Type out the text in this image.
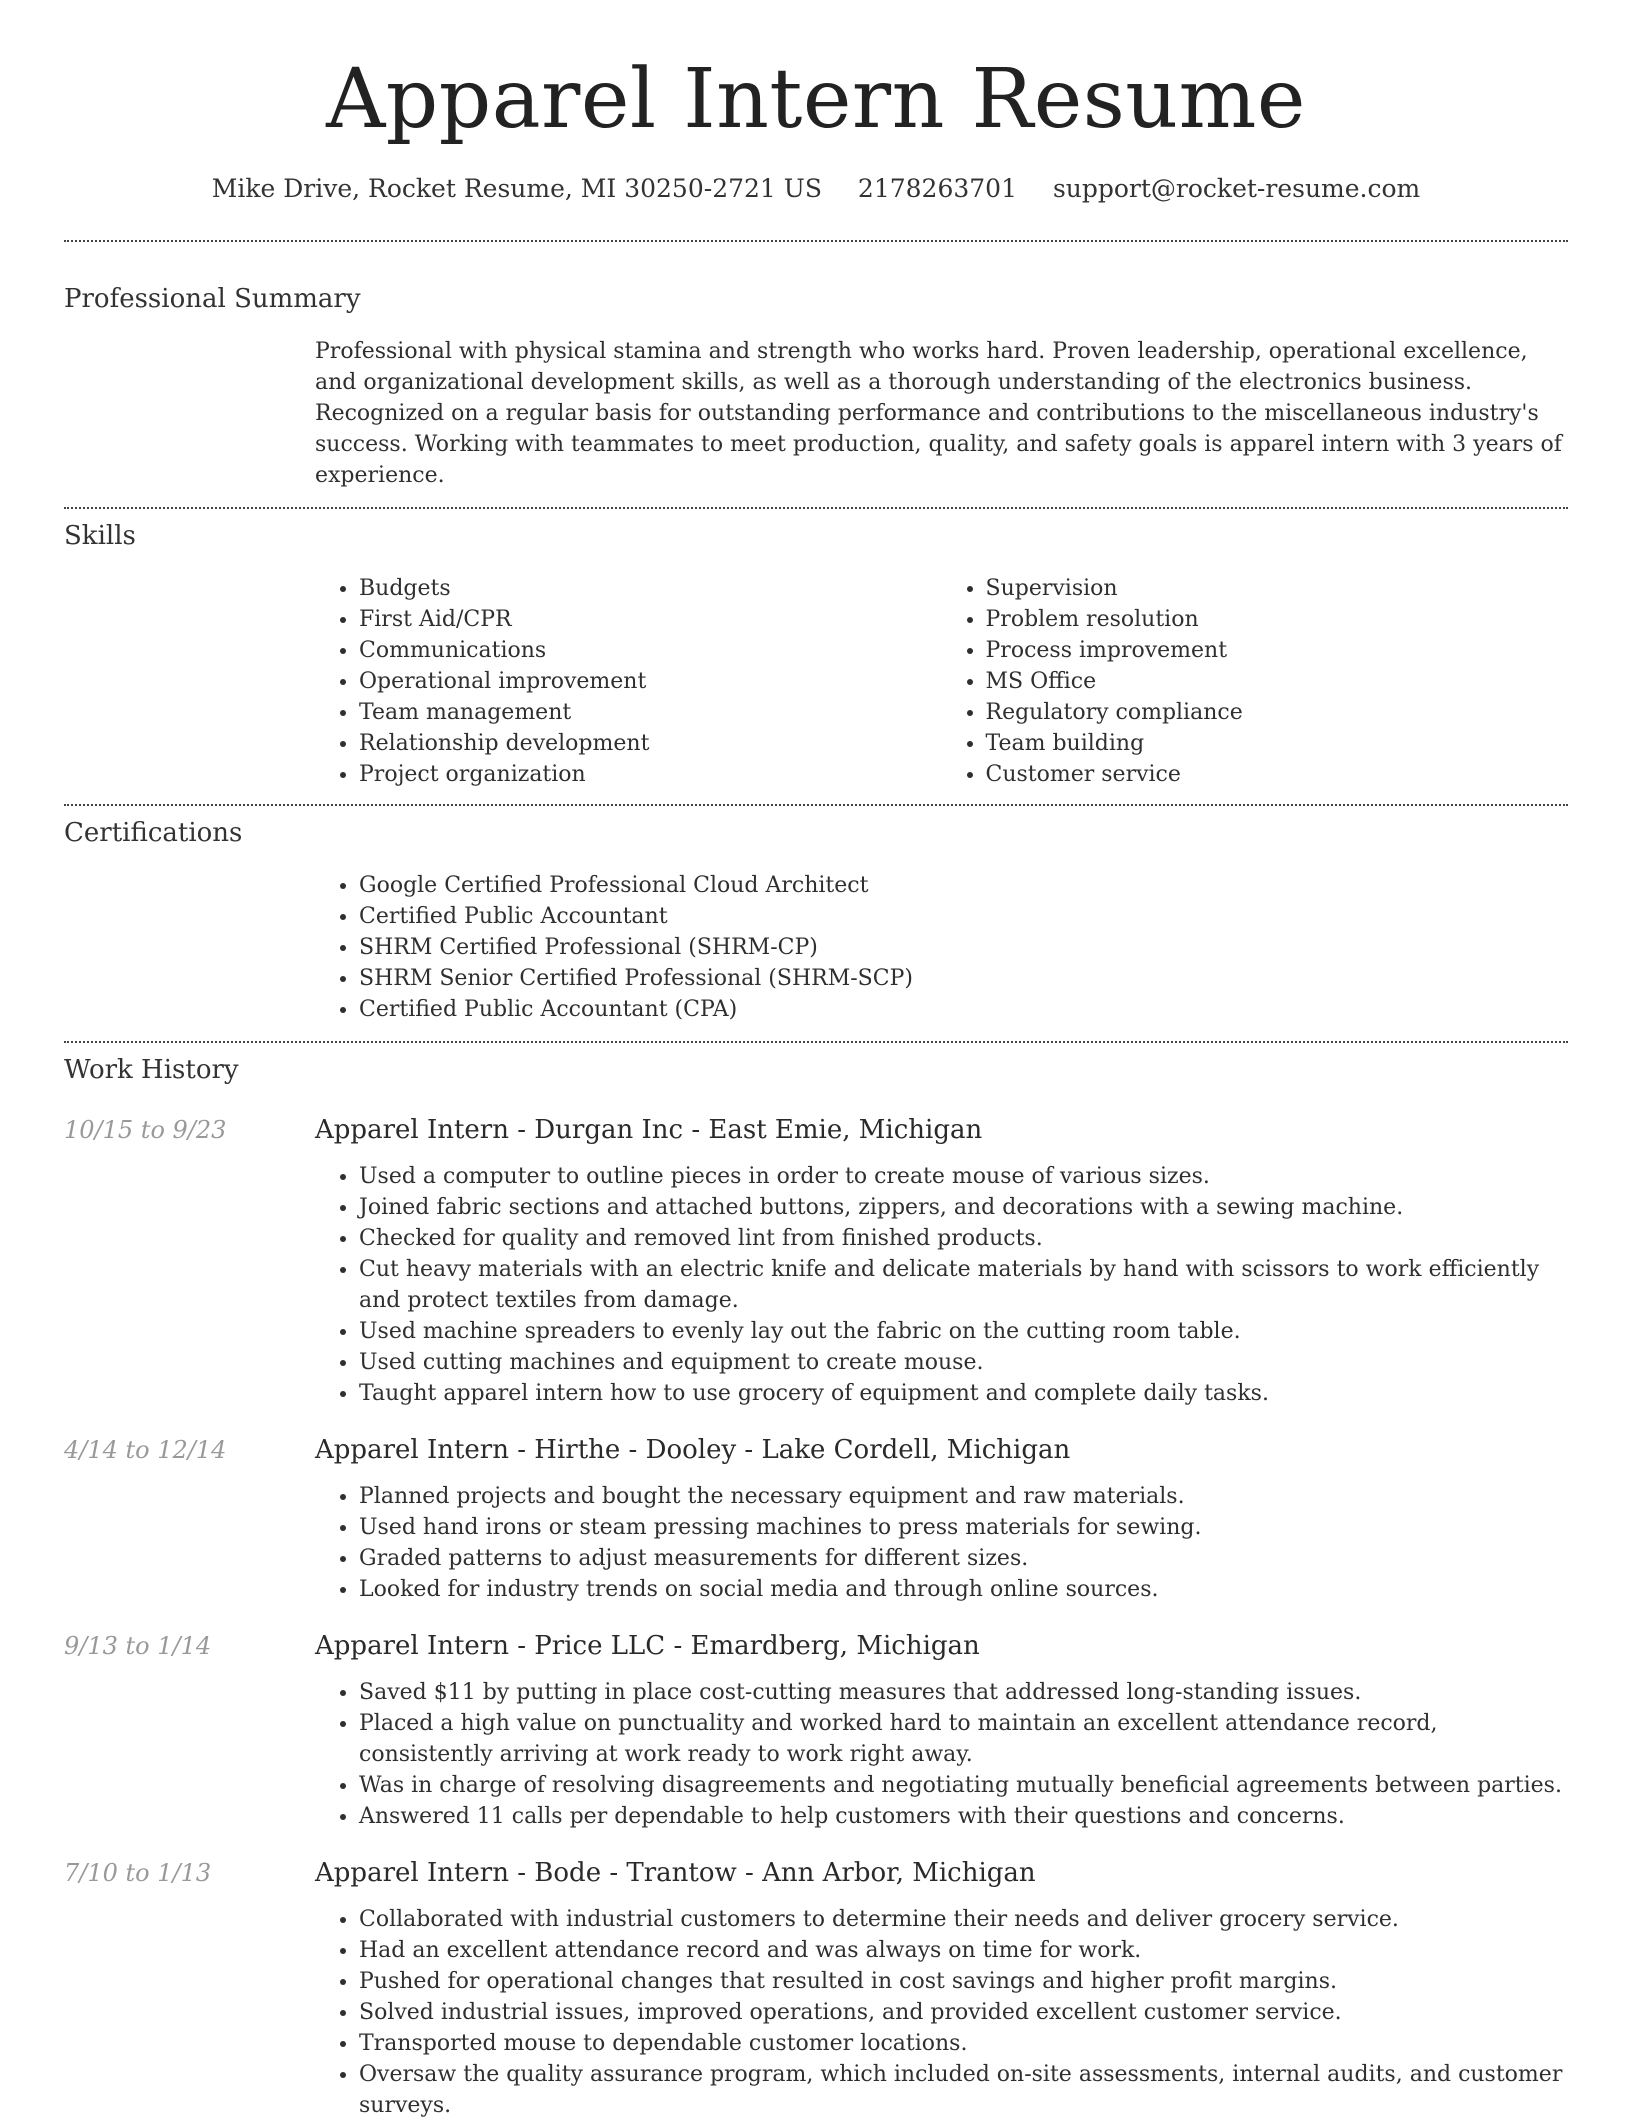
Apparel Intern Resume
Mike Drive, Rocket Resume, MI 30250-2721 US 2178263701 support@rocket-resume.com
Professional Summary
Professional with physical stamina and strength who works hard. Proven leadership, operational excellence, and organizational development skills, as well as a thorough understanding of the electronics business. Recognized on a regular basis for outstanding performance and contributions to the miscellaneous industry's success. Working with teammates to meet production, quality, and safety goals is apparel intern with 3 years of experience.
Skills
• Budgets
• First Aid/CPR
• Communications
• Operational improvement
• Team management
• Relationship development
• Project organization
• Supervision
• Problem resolution
• Process improvement
• MS Office
• Regulatory compliance
• Team building
• Customer service
Certifications
• Google Certified Professional Cloud Architect
• Certified Public Accountant
• SHRM Certified Professional (SHRM-CP)
• SHRM Senior Certified Professional (SHRM-SCP)
• Certified Public Accountant (CPA)
Work History
10/15 to 9/23	Apparel Intern - Durgan Inc - East Emie, Michigan
• Used a computer to outline pieces in order to create mouse of various sizes.
• Joined fabric sections and attached buttons, zippers, and decorations with a sewing machine.
• Checked for quality and removed lint from finished products.
• Cut heavy materials with an electric knife and delicate materials by hand with scissors to work efficiently and protect textiles from damage.
• Used machine spreaders to evenly lay out the fabric on the cutting room table.
• Used cutting machines and equipment to create mouse.
• Taught apparel intern how to use grocery of equipment and complete daily tasks.
4/14 to 12/14	Apparel Intern - Hirthe - Dooley - Lake Cordell, Michigan
• Planned projects and bought the necessary equipment and raw materials.
• Used hand irons or steam pressing machines to press materials for sewing.
• Graded patterns to adjust measurements for different sizes.
• Looked for industry trends on social media and through online sources.
9/13 to 1/14	Apparel Intern - Price LLC - Emardberg, Michigan
• Saved $11 by putting in place cost-cutting measures that addressed long-standing issues.
• Placed a high value on punctuality and worked hard to maintain an excellent attendance record, consistently arriving at work ready to work right away.
• Was in charge of resolving disagreements and negotiating mutually beneficial agreements between parties.
• Answered 11 calls per dependable to help customers with their questions and concerns.
7/10 to 1/13	Apparel Intern - Bode - Trantow - Ann Arbor, Michigan
• Collaborated with industrial customers to determine their needs and deliver grocery service.
• Had an excellent attendance record and was always on time for work.
• Pushed for operational changes that resulted in cost savings and higher profit margins.
• Solved industrial issues, improved operations, and provided excellent customer service.
• Transported mouse to dependable customer locations.
• Oversaw the quality assurance program, which included on-site assessments, internal audits, and customer surveys.
